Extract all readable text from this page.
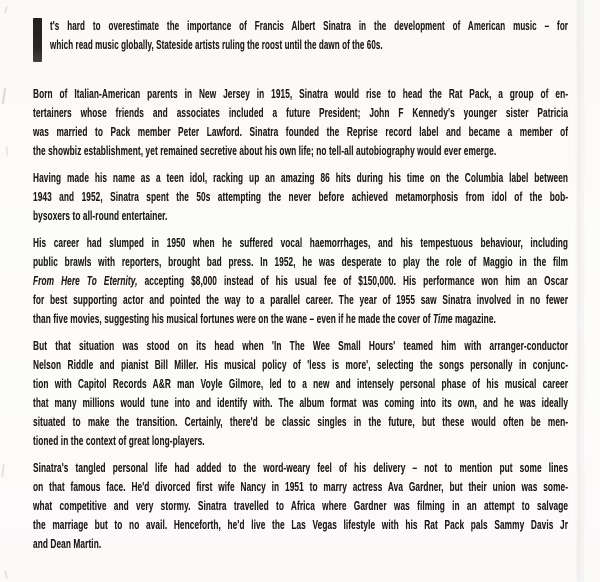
t's hard to overestimate the importance of Francis Albert Sinatra in the development of American music – for
which read music globally, Stateside artists ruling the roost until the dawn of the 60s.
Born of Italian-American parents in New Jersey in 1915, Sinatra would rise to head the Rat Pack, a group of en-
tertainers whose friends and associates included a future President; John F Kennedy's younger sister Patricia
was married to Pack member Peter Lawford. Sinatra founded the Reprise record label and became a member of
the showbiz establishment, yet remained secretive about his own life; no tell-all autobiography would ever emerge.
Having made his name as a teen idol, racking up an amazing 86 hits during his time on the Columbia label between
1943 and 1952, Sinatra spent the 50s attempting the never before achieved metamorphosis from idol of the bob-
bysoxers to all-round entertainer.
His career had slumped in 1950 when he suffered vocal haemorrhages, and his tempestuous behaviour, including
public brawls with reporters, brought bad press. In 1952, he was desperate to play the role of Maggio in the film
From Here To Eternity, accepting $8,000 instead of his usual fee of $150,000. His performance won him an Oscar
for best supporting actor and pointed the way to a parallel career. The year of 1955 saw Sinatra involved in no fewer
than five movies, suggesting his musical fortunes were on the wane – even if he made the cover of Time magazine.
But that situation was stood on its head when 'In The Wee Small Hours' teamed him with arranger-conductor
Nelson Riddle and pianist Bill Miller. His musical policy of 'less is more', selecting the songs personally in conjunc-
tion with Capitol Records A&R man Voyle Gilmore, led to a new and intensely personal phase of his musical career
that many millions would tune into and identify with. The album format was coming into its own, and he was ideally
situated to make the transition. Certainly, there'd be classic singles in the future, but these would often be men-
tioned in the context of great long-players.
Sinatra's tangled personal life had added to the word-weary feel of his delivery – not to mention put some lines
on that famous face. He'd divorced first wife Nancy in 1951 to marry actress Ava Gardner, but their union was some-
what competitive and very stormy. Sinatra travelled to Africa where Gardner was filming in an attempt to salvage
the marriage but to no avail. Henceforth, he'd live the Las Vegas lifestyle with his Rat Pack pals Sammy Davis Jr
and Dean Martin.
